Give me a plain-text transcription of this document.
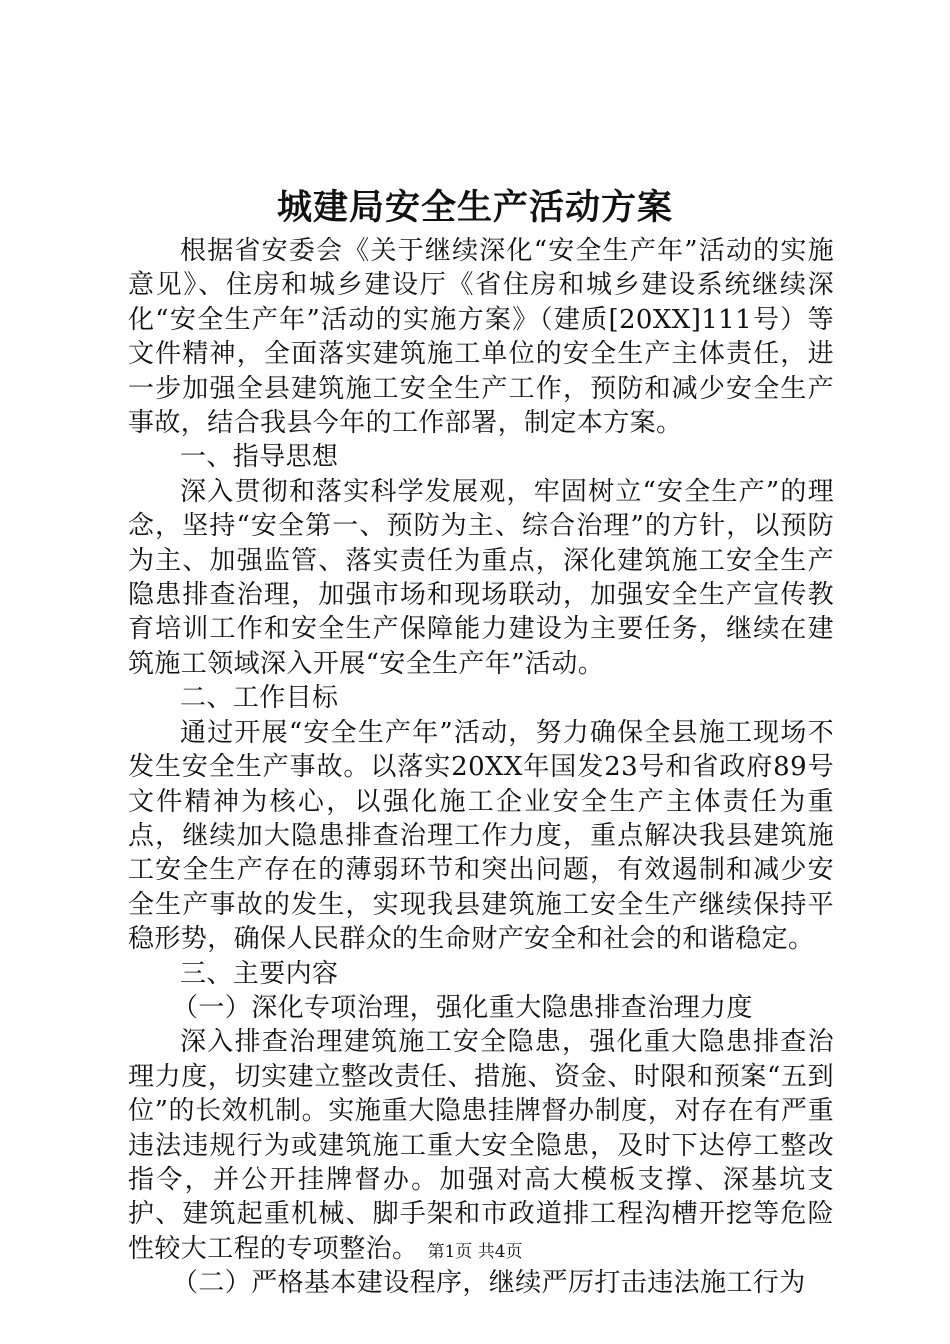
城建局安全生产活动方案

根据省安委会《关于继续深化“安全生产年”活动的实施意见》、住房和城乡建设厅《省住房和城乡建设系统继续深化“安全生产年”活动的实施方案》（建质[20XX]111号）等文件精神，全面落实建筑施工单位的安全生产主体责任，进一步加强全县建筑施工安全生产工作，预防和减少安全生产事故，结合我县今年的工作部署，制定本方案。

一、指导思想

深入贯彻和落实科学发展观，牢固树立“安全生产”的理念，坚持“安全第一、预防为主、综合治理”的方针，以预防为主、加强监管、落实责任为重点，深化建筑施工安全生产隐患排查治理，加强市场和现场联动，加强安全生产宣传教育培训工作和安全生产保障能力建设为主要任务，继续在建筑施工领域深入开展“安全生产年”活动。

二、工作目标

通过开展“安全生产年”活动，努力确保全县施工现场不发生安全生产事故。以落实20XX年国发23号和省政府89号文件精神为核心，以强化施工企业安全生产主体责任为重点，继续加大隐患排查治理工作力度，重点解决我县建筑施工安全生产存在的薄弱环节和突出问题，有效遏制和减少安全生产事故的发生，实现我县建筑施工安全生产继续保持平稳形势，确保人民群众的生命财产安全和社会的和谐稳定。

三、主要内容

（一）深化专项治理，强化重大隐患排查治理力度

深入排查治理建筑施工安全隐患，强化重大隐患排查治理力度，切实建立整改责任、措施、资金、时限和预案“五到位”的长效机制。实施重大隐患挂牌督办制度，对存在有严重违法违规行为或建筑施工重大安全隐患，及时下达停工整改指令，并公开挂牌督办。加强对高大模板支撑、深基坑支护、建筑起重机械、脚手架和市政道排工程沟槽开挖等危险性较大工程的专项整治。

（二）严格基本建设程序，继续严厉打击违法施工行为

第1页 共4页
